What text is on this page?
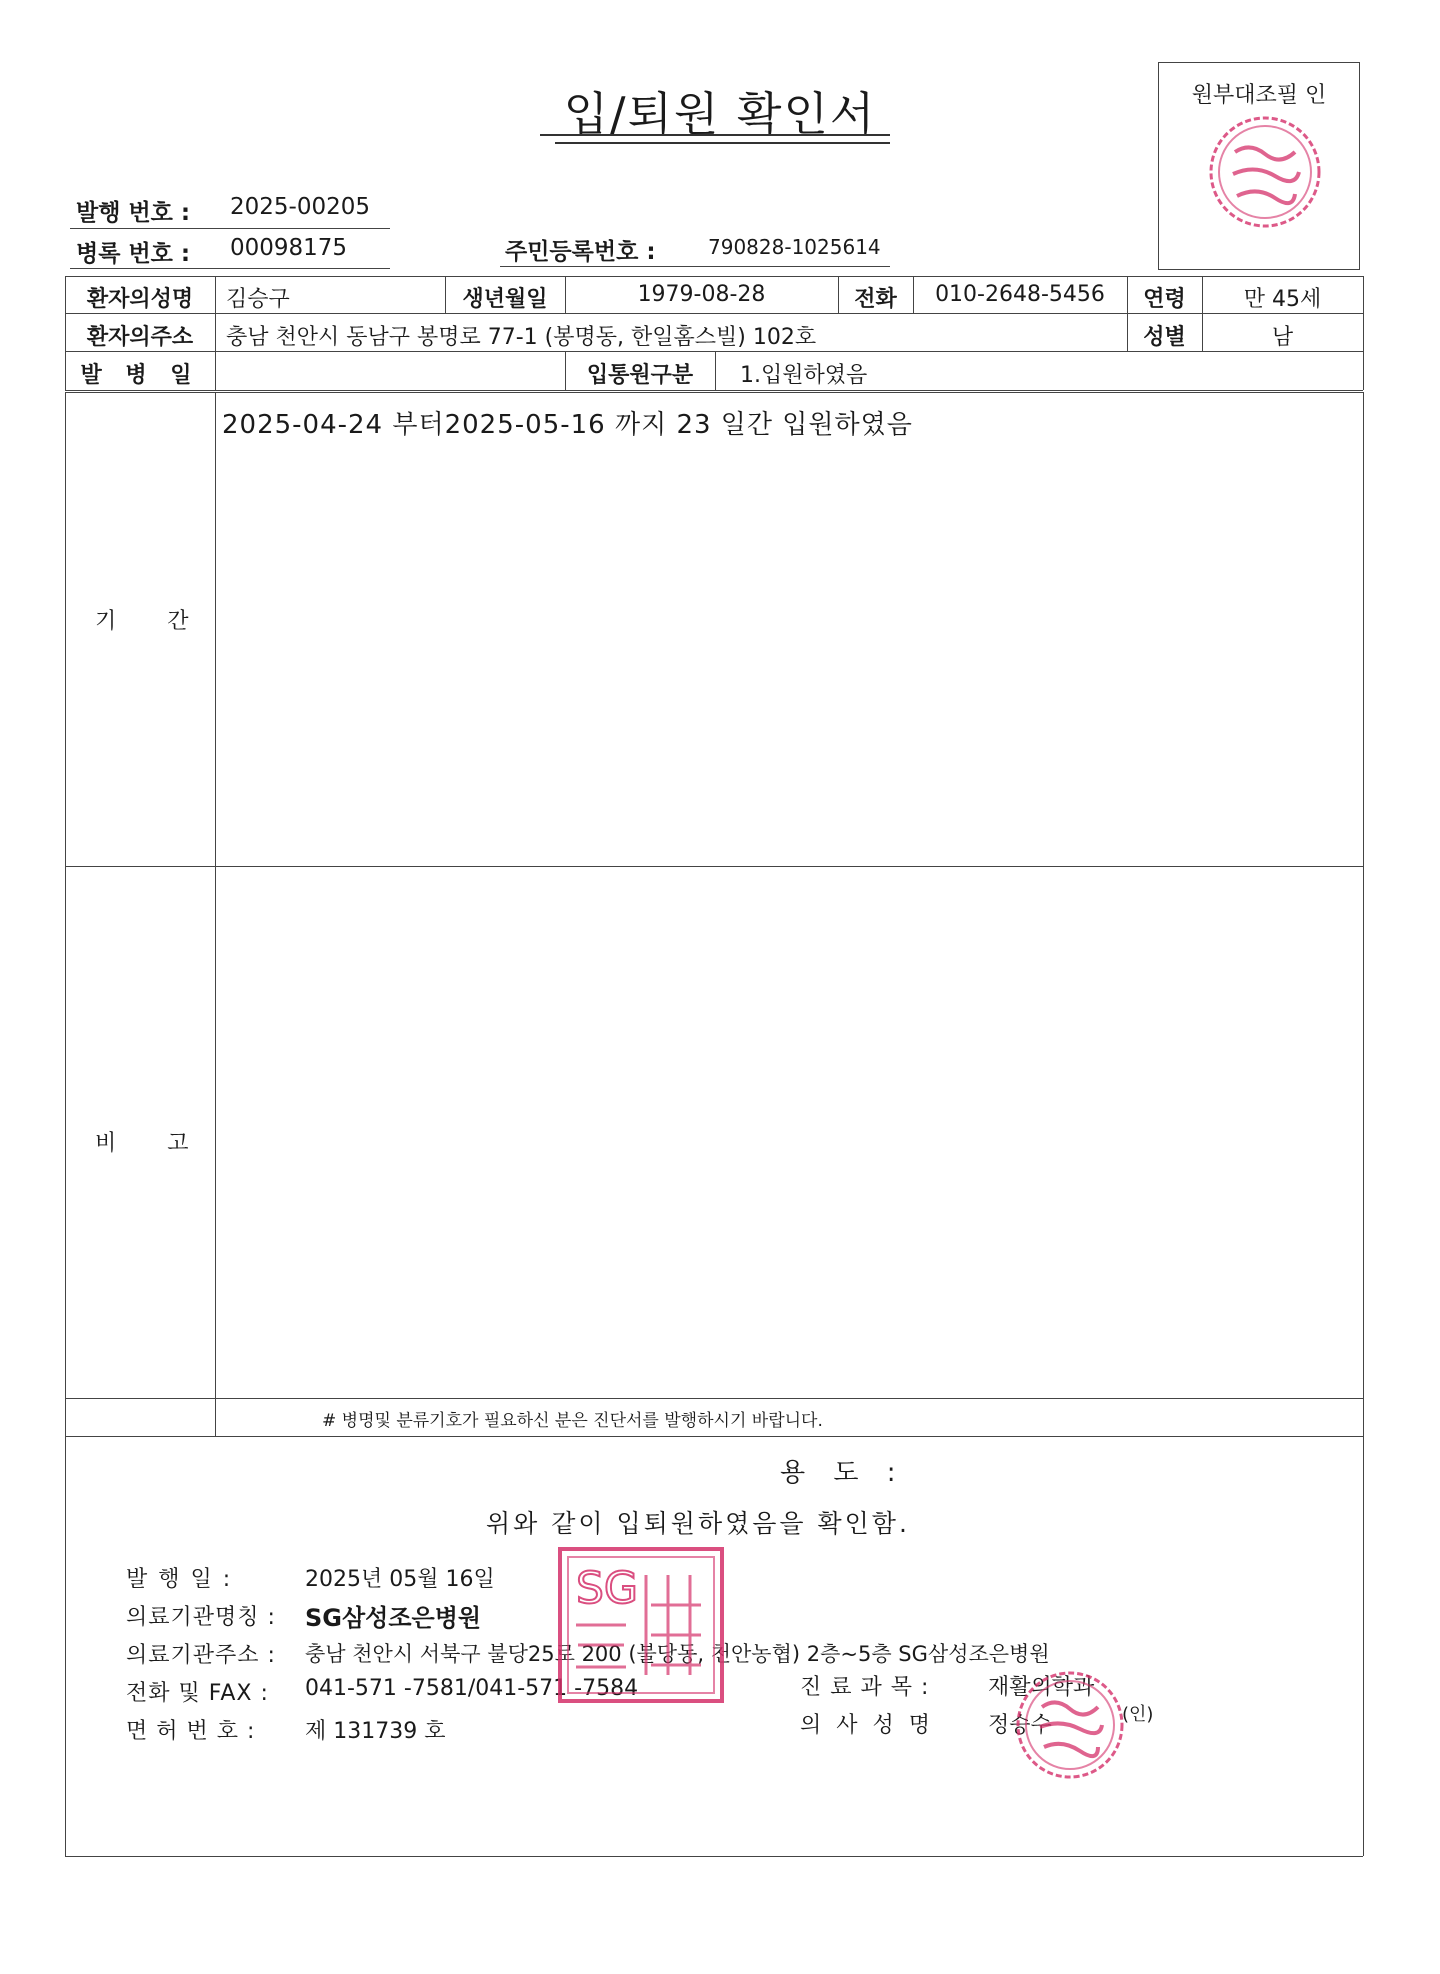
입/퇴원 확인서	원부대조필 인
발행 번호 : 2025-00205
병록 번호 : 00098175	주민등록번호 :	790828-1025614
환자의성명	김승구	생년월일	1979-08-28	전화	010-2648-5456	연령	만 45세
환자의주소	충남 천안시 동남구 봉명로 77-1 (봉명동, 한일홈스빌) 102호	성별	남
발 병 일	입통원구분	1.입원하였음
기 간
2025-04-24 부터2025-05-16 까지 23 일간 입원하였음
비 고
# 병명및 분류기호가 필요하신 분은 진단서를 발행하시기 바랍니다.
용 도 :
위와 같이 입퇴원하였음을 확인함.
발 행 일 :	2025년 05월 16일
의료기관명칭 : SG삼성조은병원
의료기관주소 : 충남 천안시 서북구 불당25로 200 (불당동, 천안농협) 2층~5층 SG삼성조은병원
전화 및 FAX : 041-571 -7581/041-571 -7584
면 허 번 호 : 제 131739 호
진 료 과 목 :	재활의학과
의 사 성 명 정승수	(인)
SG
